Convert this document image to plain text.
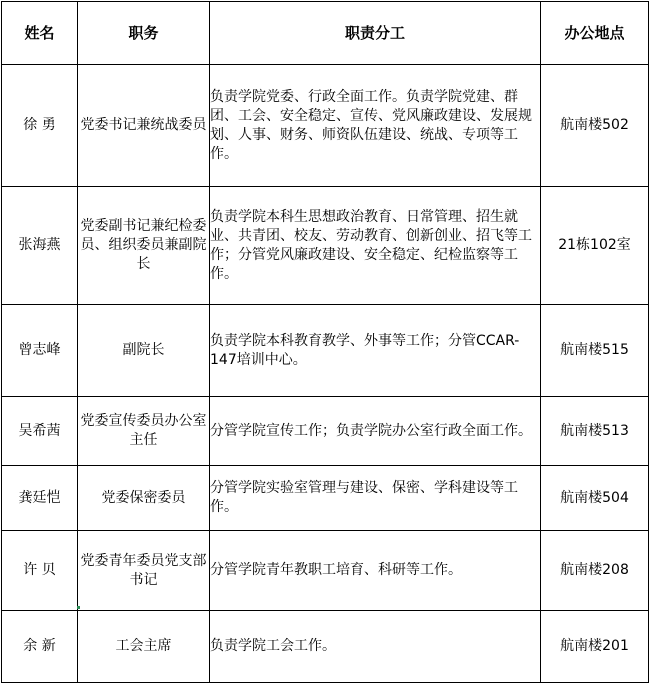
姓名	职务	职责分工	办公地点
徐 勇	党委书记兼统战委员	负责学院党委、行政全面工作。负责学院党建、群团、工会、安全稳定、宣传、党风廉政建设、发展规划、人事、财务、师资队伍建设、统战、专项等工作。	航南楼502
张海燕	党委副书记兼纪检委员、组织委员兼副院长	负责学院本科生思想政治教育、日常管理、招生就业、共青团、校友、劳动教育、创新创业、招飞等工作；分管党风廉政建设、安全稳定、纪检监察等工作。	21栋102室
曾志峰	副院长	负责学院本科教育教学、外事等工作；分管CCAR-147培训中心。	航南楼515
吴希茜	党委宣传委员办公室主任	分管学院宣传工作；负责学院办公室行政全面工作。	航南楼513
龚廷恺	党委保密委员	分管学院实验室管理与建设、保密、学科建设等工作。	航南楼504
许 贝	党委青年委员党支部书记	分管学院青年教职工培育、科研等工作。	航南楼208
余 新	工会主席	负责学院工会工作。	航南楼201
